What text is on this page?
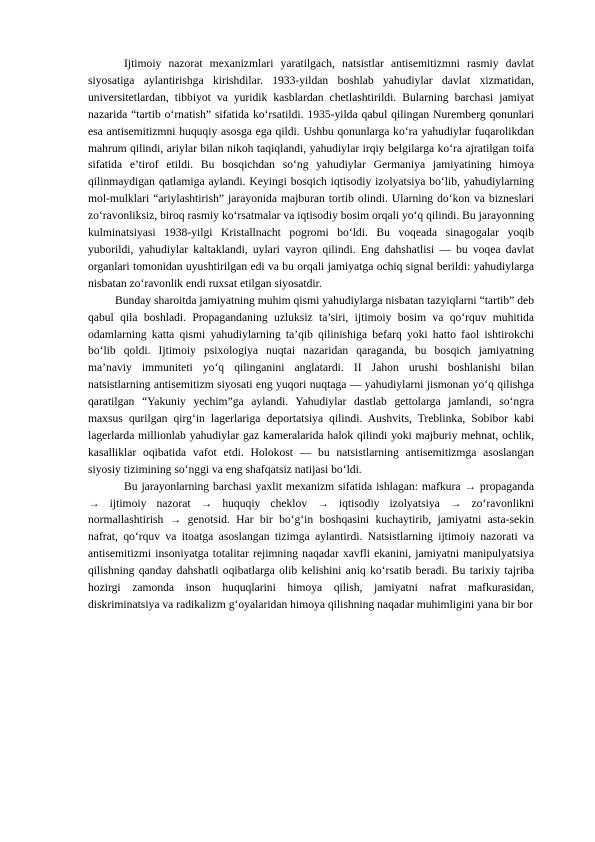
Ijtimoiy nazorat mexanizmlari yaratilgach, natsistlar antisemitizmni rasmiy davlat siyosatiga aylantirishga kirishdilar. 1933-yildan boshlab yahudiylar davlat xizmatidan, universitetlardan, tibbiyot va yuridik kasblardan chetlashtirildi. Bularning barchasi jamiyat nazarida “tartib o‘rnatish” sifatida ko‘rsatildi. 1935-yilda qabul qilingan Nuremberg qonunlari esa antisemitizmni huquqiy asosga ega qildi. Ushbu qonunlarga ko‘ra yahudiylar fuqarolikdan mahrum qilindi, ariylar bilan nikoh taqiqlandi, yahudiylar irqiy belgilarga ko‘ra ajratilgan toifa sifatida e’tirof etildi. Bu bosqichdan so‘ng yahudiylar Germaniya jamiyatining himoya qilinmaydigan qatlamiga aylandi. Keyingi bosqich iqtisodiy izolyatsiya bo‘lib, yahudiylarning mol-mulklari “ariylashtirish” jarayonida majburan tortib olindi. Ularning do‘kon va bizneslari zo‘ravonliksiz, biroq rasmiy ko‘rsatmalar va iqtisodiy bosim orqali yo‘q qilindi. Bu jarayonning kulminatsiyasi 1938-yilgi Kristallnacht pogromi bo‘ldi. Bu voqeada sinagogalar yoqib yuborildi, yahudiylar kaltaklandi, uylari vayron qilindi. Eng dahshatlisi — bu voqea davlat organlari tomonidan uyushtirilgan edi va bu orqali jamiyatga ochiq signal berildi: yahudiylarga nisbatan zo‘ravonlik endi ruxsat etilgan siyosatdir.

Bunday sharoitda jamiyatning muhim qismi yahudiylarga nisbatan tazyiqlarni “tartib” deb qabul qila boshladi. Propagandaning uzluksiz ta’siri, ijtimoiy bosim va qo‘rquv muhitida odamlarning katta qismi yahudiylarning ta’qib qilinishiga befarq yoki hatto faol ishtirokchi bo‘lib qoldi. Ijtimoiy psixologiya nuqtai nazaridan qaraganda, bu bosqich jamiyatning ma’naviy immuniteti yo‘q qilinganini anglatardi. II Jahon urushi boshlanishi bilan natsistlarning antisemitizm siyosati eng yuqori nuqtaga — yahudiylarni jismonan yo‘q qilishga qaratilgan “Yakuniy yechim”ga aylandi. Yahudiylar dastlab gettolarga jamlandi, so‘ngra maxsus qurilgan qirg‘in lagerlariga deportatsiya qilindi. Aushvits, Treblinka, Sobibor kabi lagerlarda millionlab yahudiylar gaz kameralarida halok qilindi yoki majburiy mehnat, ochlik, kasalliklar oqibatida vafot etdi. Holokost — bu natsistlarning antisemitizmga asoslangan siyosiy tizimining so‘nggi va eng shafqatsiz natijasi bo‘ldi.

Bu jarayonlarning barchasi yaxlit mexanizm sifatida ishlagan: mafkura → propaganda → ijtimoiy nazorat → huquqiy cheklov → iqtisodiy izolyatsiya → zo‘ravonlikni normallashtirish → genotsid. Har bir bo‘g‘in boshqasini kuchaytirib, jamiyatni asta-sekin nafrat, qo‘rquv va itoatga asoslangan tizimga aylantirdi. Natsistlarning ijtimoiy nazorati va antisemitizmi insoniyatga totalitar rejimning naqadar xavfli ekanini, jamiyatni manipulyatsiya qilishning qanday dahshatli oqibatlarga olib kelishini aniq ko‘rsatib beradi. Bu tarixiy tajriba hozirgi zamonda inson huquqlarini himoya qilish, jamiyatni nafrat mafkurasidan, diskriminatsiya va radikalizm g‘oyalaridan himoya qilishning naqadar muhimligini yana bir bor
